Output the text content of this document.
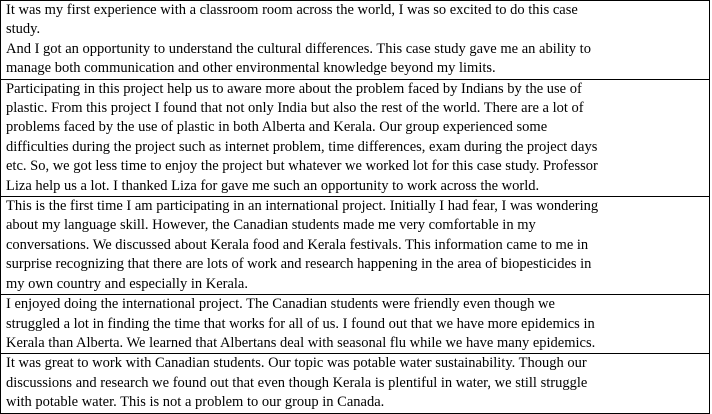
It was my first experience with a classroom room across the world, I was so excited to do this case
study.
And I got an opportunity to understand the cultural differences. This case study gave me an ability to
manage both communication and other environmental knowledge beyond my limits.

Participating in this project help us to aware more about the problem faced by Indians by the use of
plastic. From this project I found that not only India but also the rest of the world. There are a lot of
problems faced by the use of plastic in both Alberta and Kerala. Our group experienced some
difficulties during the project such as internet problem, time differences, exam during the project days
etc. So, we got less time to enjoy the project but whatever we worked lot for this case study. Professor
Liza help us a lot. I thanked Liza for gave me such an opportunity to work across the world.

This is the first time I am participating in an international project. Initially I had fear, I was wondering
about my language skill. However, the Canadian students made me very comfortable in my
conversations. We discussed about Kerala food and Kerala festivals. This information came to me in
surprise recognizing that there are lots of work and research happening in the area of biopesticides in
my own country and especially in Kerala.

I enjoyed doing the international project. The Canadian students were friendly even though we
struggled a lot in finding the time that works for all of us. I found out that we have more epidemics in
Kerala than Alberta. We learned that Albertans deal with seasonal flu while we have many epidemics.

It was great to work with Canadian students. Our topic was potable water sustainability. Though our
discussions and research we found out that even though Kerala is plentiful in water, we still struggle
with potable water. This is not a problem to our group in Canada.
